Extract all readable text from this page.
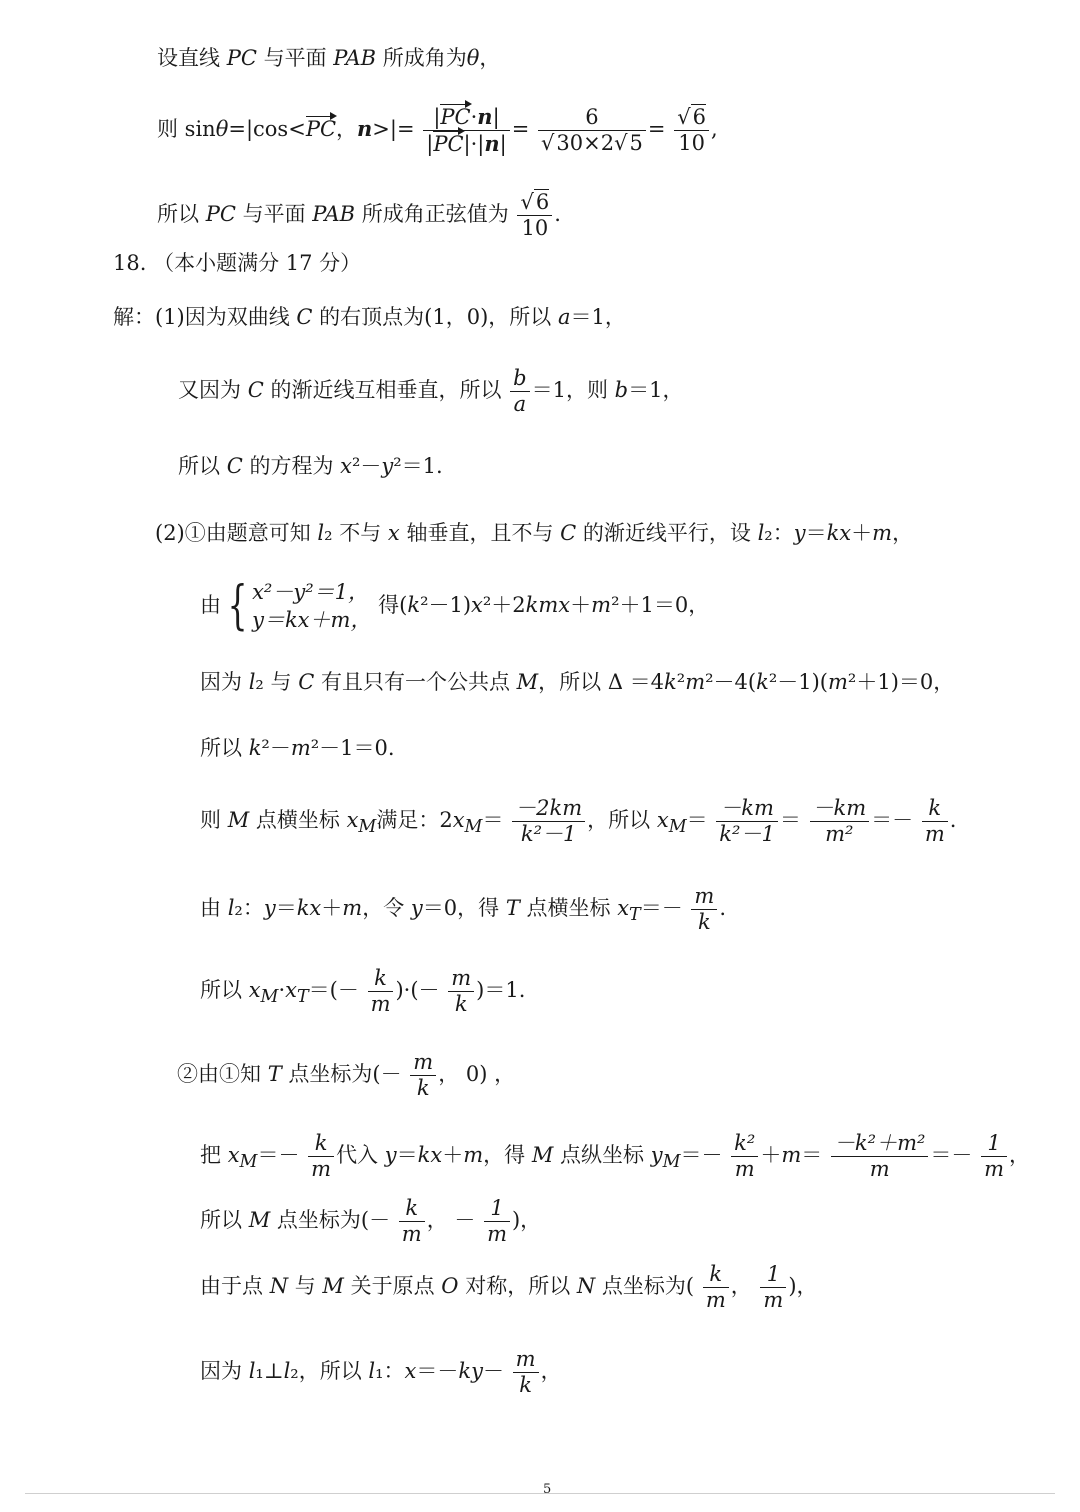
设直线 PC 与平面 PAB 所成角为θ，
则 sinθ=|cos<PC，$n>|= \frac{|PC\cdot n|}{|PC|\cdot|n|} = \frac{6}{√30\times 2√5} = \frac{√6}{10}$ ,
所以 PC 与平面 PAB 所成角正弦值为 $\frac{√6}{10}$ .
18. （本小题满分 17 分）
解：(1)因为双曲线 C 的右顶点为(1，0)，所以 a＝1，
又因为 C 的渐近线互相垂直，所以 $\frac{b}{a} =1$，则 b＝1，
所以 C 的方程为 x²－y²＝1.
(2)①由题意可知 l₂ 不与 x 轴垂直，且不与 C 的渐近线平行，设 l₂：y＝kx＋m，
由 { x²－y²＝1，
y＝kx＋m，
得(k²－1)x²＋2kmx＋m²＋1＝0，
因为 l₂ 与 C 有且只有一个公共点 M，所以 Δ ＝4k²m²－4(k²－1)(m²＋1)＝0，
所以 k²－m²－1＝0.
则 M 点横坐标 $x_M$满足：$2x_M= \frac{-2km}{\text{k²－1}}$ ，所以 $x_M= \frac{-km}{\text{k²－1}} = \frac{-km}{\text{m²}} =- \frac{k}{m}$ .
由 l₂：y＝kx＋m，令 y＝0，得 T 点横坐标 $x_T=- \frac{m}{k}$ .
所以 $x_M\cdot x_T=(- \frac{k}{m}$ )·(－ $\frac{m}{k} )=1$.
②由①知 T 点坐标为(－ $\frac{m}{k}$ ， 0) ，
把 $x_M=- \frac{k}{m}$ 代入 y＝kx＋m，得 M 点纵坐标 $y_M=- \frac{\text{k²}}{m} +m= \frac{\text{－k²＋m²}}{m} =- \frac{1}{m}$ ，
所以 M 点坐标为(－ $\frac{k}{m}$ ， － $\frac{1}{m}$ )，
由于点 N 与 M 关于原点 O 对称，所以 N 点坐标为( $\frac{k}{m}$ ， $\frac{1}{m}$ )，
因为 l₁⊥l₂，所以 l₁：$x=-ky- \frac{m}{k}$ ，
5
